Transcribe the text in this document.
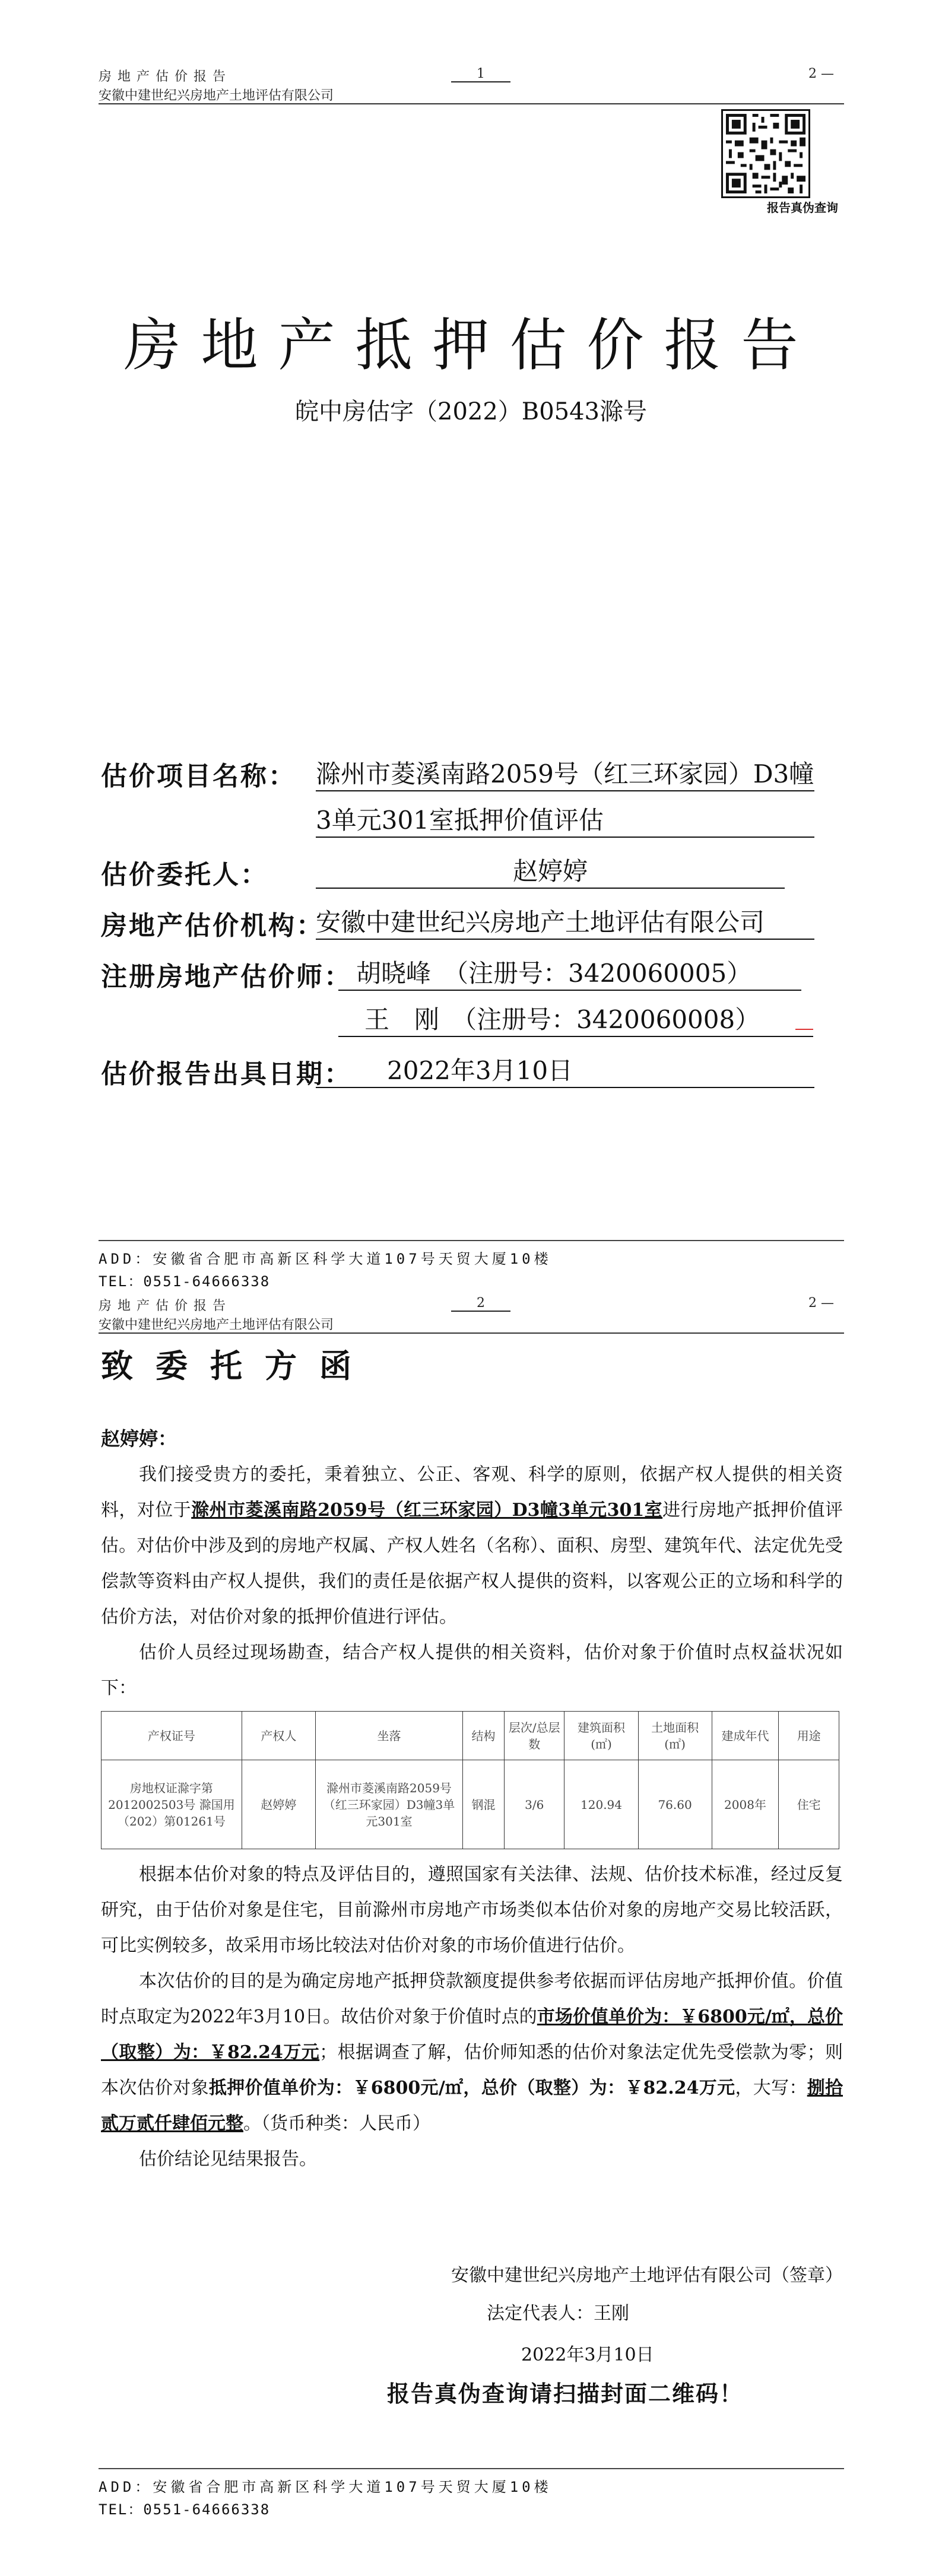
房地产估价报告
安徽中建世纪兴房地产土地评估有限公司
1	2 —
报告真伪查询
房地产抵押估价报告
皖中房估字（2022）B0543滁号
估价项目名称： 滁州市菱溪南路2059号（红三环家园）D3幢
3单元301室抵押价值评估
估价委托人：	赵婷婷
房地产估价机构：
安徽中建世纪兴房地产土地评估有限公司
注册房地产估价师： 胡晓峰　（注册号：3420060005）
王　刚　（注册号：3420060008）
估价报告出具日期：	2022年3月10日
ADD：安徽省合肥市高新区科学大道107号天贸大厦10楼
TEL：0551-64666338
房地产估价报告
安徽中建世纪兴房地产土地评估有限公司
2	2 —
致委托方函
赵婷婷：

我们接受贵方的委托，秉着独立、公正、客观、科学的原则，依据产权人提供的相关资料，对位于滁州市菱溪南路2059号（红三环家园）D3幢3单元301室进行房地产抵押价值评估。对估价中涉及到的房地产权属、产权人姓名（名称）、面积、房型、建筑年代、法定优先受偿款等资料由产权人提供，我们的责任是依据产权人提供的资料，以客观公正的立场和科学的估价方法，对估价对象的抵押价值进行评估。

估价人员经过现场勘查，结合产权人提供的相关资料，估价对象于价值时点权益状况如下：

产权证号	产权人	坐落	结构	层次/总层数	建筑面积(㎡)	土地面积(㎡)	建成年代	用途
房地权证滁字第2012002503号 滁国用（202）第01261号	赵婷婷	滁州市菱溪南路2059号（红三环家园）D3幢3单元301室	钢混	3/6	120.94	76.60	2008年	住宅

根据本估价对象的特点及评估目的，遵照国家有关法律、法规、估价技术标准，经过反复研究，由于估价对象是住宅，目前滁州市房地产市场类似本估价对象的房地产交易比较活跃，可比实例较多，故采用市场比较法对估价对象的市场价值进行估价。

本次估价的目的是为确定房地产抵押贷款额度提供参考依据而评估房地产抵押价值。价值时点取定为2022年3月10日。故估价对象于价值时点的市场价值单价为：￥6800元/㎡，总价（取整）为：￥82.24万元；根据调查了解，估价师知悉的估价对象法定优先受偿款为零；则本次估价对象抵押价值单价为：￥6800元/㎡，总价（取整）为：￥82.24万元，大写：捌拾贰万贰仟肆佰元整。（货币种类：人民币）

估价结论见结果报告。

安徽中建世纪兴房地产土地评估有限公司（签章）
法定代表人：王刚
2022年3月10日
报告真伪查询请扫描封面二维码！
ADD：安徽省合肥市高新区科学大道107号天贸大厦10楼
TEL：0551-64666338
